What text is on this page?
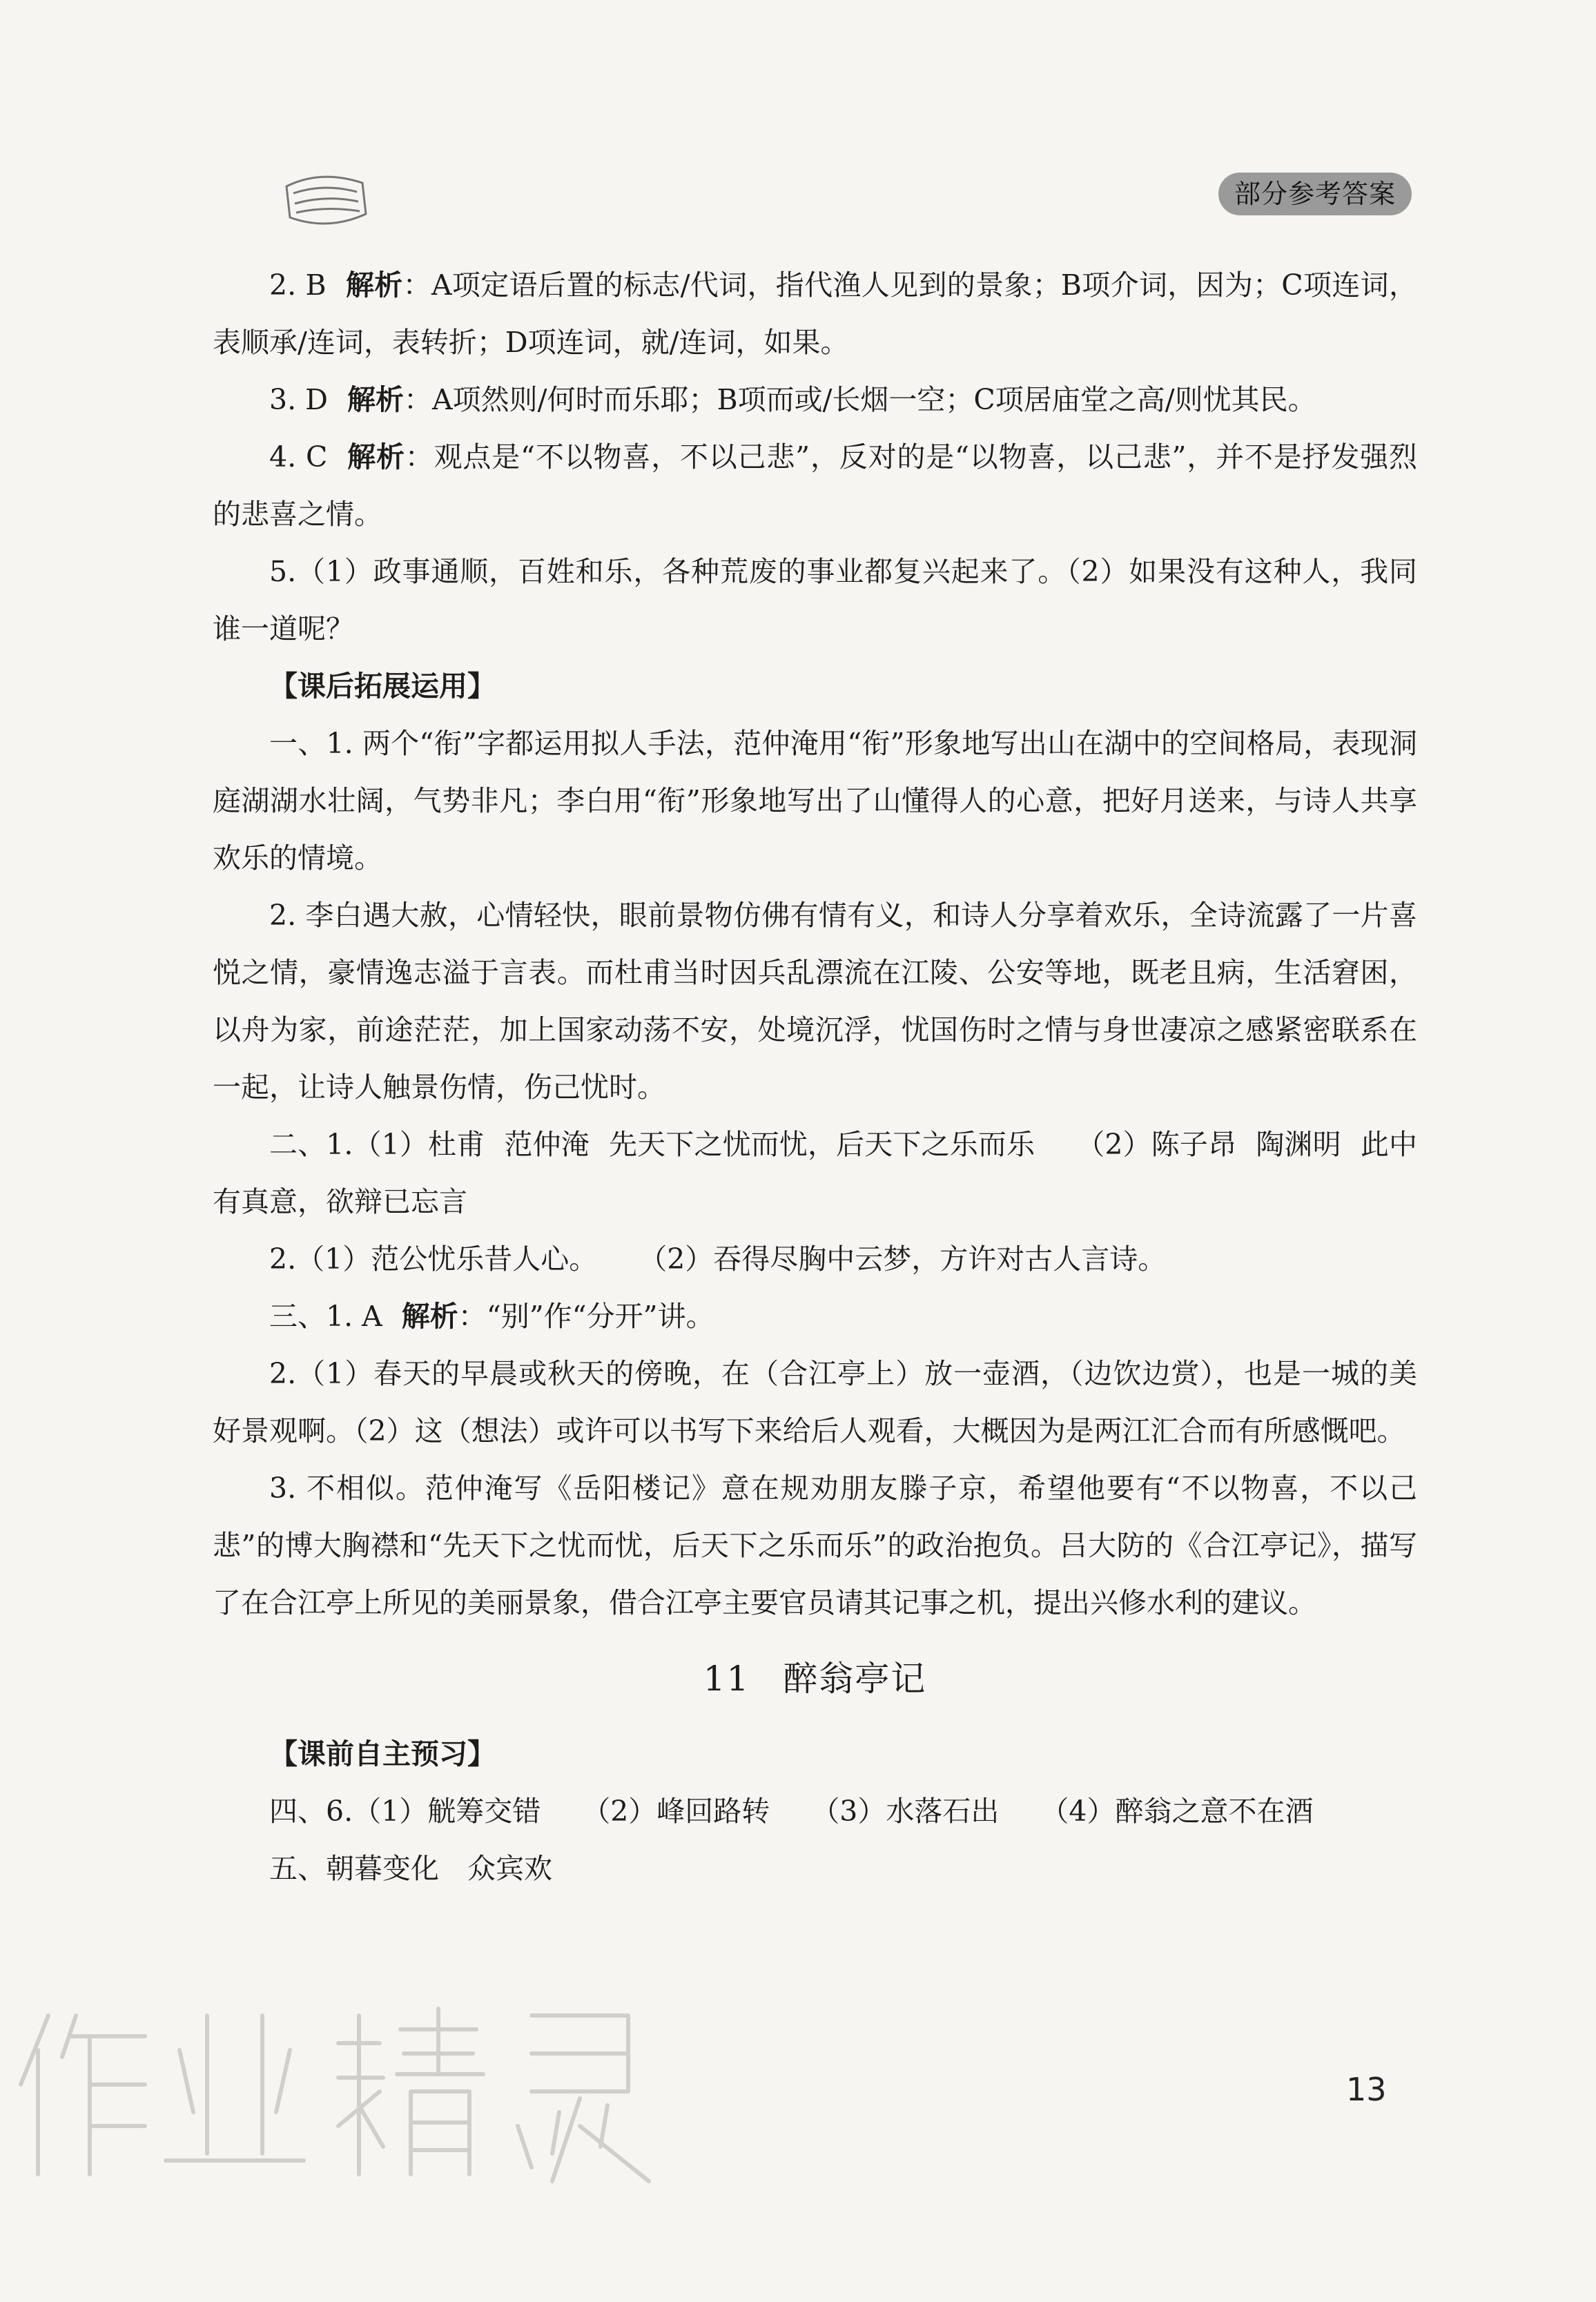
部分参考答案

2. B 解析：A项定语后置的标志/代词，指代渔人见到的景象；B项介词，因为；C项连词，表顺承/连词，表转折；D项连词，就/连词，如果。

3. D 解析：A项然则/何时而乐耶；B项而或/长烟一空；C项居庙堂之高/则忧其民。

4. C 解析：观点是“不以物喜，不以己悲”，反对的是“以物喜，以己悲”，并不是抒发强烈的悲喜之情。

5.（1）政事通顺，百姓和乐，各种荒废的事业都复兴起来了。（2）如果没有这种人，我同谁一道呢？

【课后拓展运用】

一、1. 两个“衔”字都运用拟人手法，范仲淹用“衔”形象地写出山在湖中的空间格局，表现洞庭湖湖水壮阔，气势非凡；李白用“衔”形象地写出了山懂得人的心意，把好月送来，与诗人共享欢乐的情境。

2. 李白遇大赦，心情轻快，眼前景物仿佛有情有义，和诗人分享着欢乐，全诗流露了一片喜悦之情，豪情逸志溢于言表。而杜甫当时因兵乱漂流在江陵、公安等地，既老且病，生活窘困，以舟为家，前途茫茫，加上国家动荡不安，处境沉浮，忧国伤时之情与身世凄凉之感紧密联系在一起，让诗人触景伤情，伤己忧时。

二、1.（1）杜甫 范仲淹 先天下之忧而忧，后天下之乐而乐 （2）陈子昂 陶渊明 此中有真意，欲辩已忘言

2.（1）范公忧乐昔人心。 （2）吞得尽胸中云梦，方许对古人言诗。

三、1. A 解析：“别”作“分开”讲。

2.（1）春天的早晨或秋天的傍晚，在（合江亭上）放一壶酒，（边饮边赏），也是一城的美好景观啊。（2）这（想法）或许可以书写下来给后人观看，大概因为是两江汇合而有所感慨吧。

3. 不相似。范仲淹写《岳阳楼记》意在规劝朋友滕子京，希望他要有“不以物喜，不以己悲”的博大胸襟和“先天下之忧而忧，后天下之乐而乐”的政治抱负。吕大防的《合江亭记》，描写了在合江亭上所见的美丽景象，借合江亭主要官员请其记事之机，提出兴修水利的建议。

11 醉翁亭记

【课前自主预习】

四、6.（1）觥筹交错 （2）峰回路转 （3）水落石出 （4）醉翁之意不在酒

五、朝暮变化　众宾欢

13
